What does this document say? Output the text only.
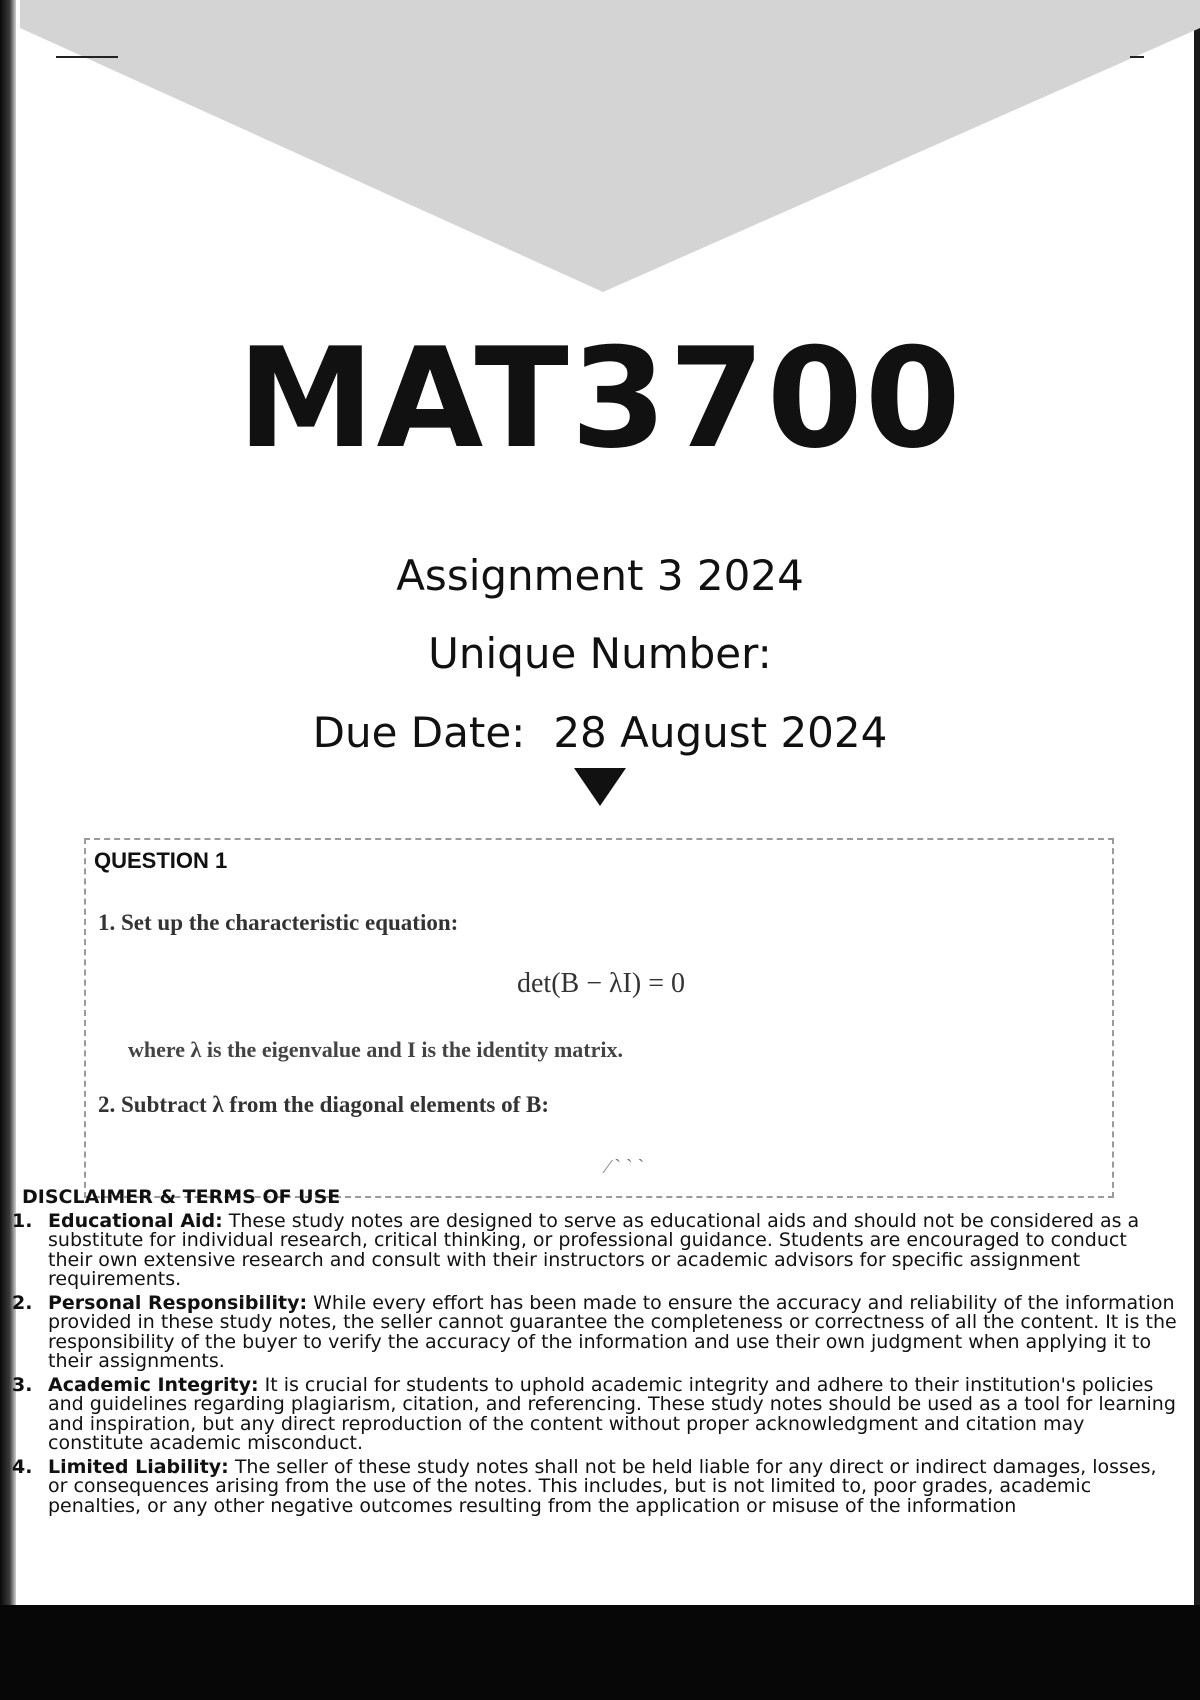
MAT3700
Assignment 3 2024
Unique Number:
Due Date: 28 August 2024
QUESTION 1
1. Set up the characteristic equation:
det(B − λI) = 0
where λ is the eigenvalue and I is the identity matrix.
2. Subtract λ from the diagonal elements of B:
⁄ ˋ ˋ ˋ
DISCLAIMER & TERMS OF USE
1. Educational Aid: These study notes are designed to serve as educational aids and should not be considered as a substitute for individual research, critical thinking, or professional guidance. Students are encouraged to conduct their own extensive research and consult with their instructors or academic advisors for specific assignment requirements.
2. Personal Responsibility: While every effort has been made to ensure the accuracy and reliability of the information provided in these study notes, the seller cannot guarantee the completeness or correctness of all the content. It is the responsibility of the buyer to verify the accuracy of the information and use their own judgment when applying it to their assignments.
3. Academic Integrity: It is crucial for students to uphold academic integrity and adhere to their institution's policies and guidelines regarding plagiarism, citation, and referencing. These study notes should be used as a tool for learning and inspiration, but any direct reproduction of the content without proper acknowledgment and citation may constitute academic misconduct.
4. Limited Liability: The seller of these study notes shall not be held liable for any direct or indirect damages, losses, or consequences arising from the use of the notes. This includes, but is not limited to, poor grades, academic penalties, or any other negative outcomes resulting from the application or misuse of the information
